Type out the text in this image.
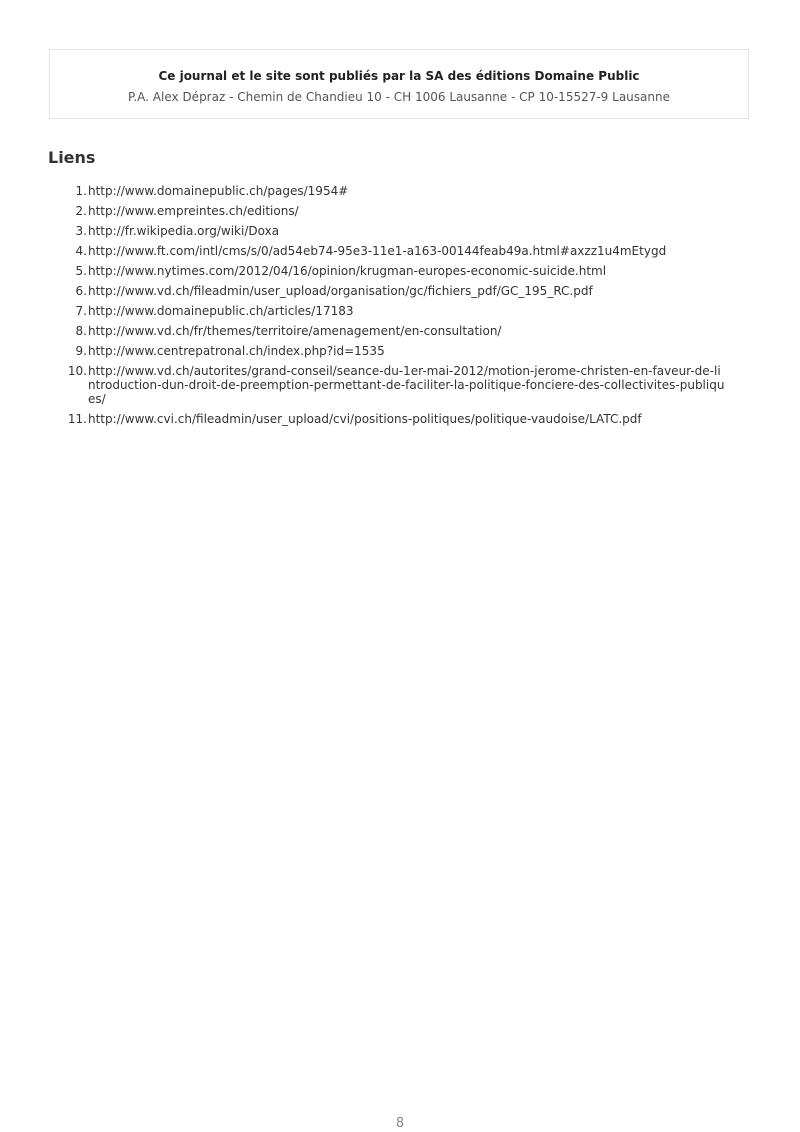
Ce journal et le site sont publiés par la SA des éditions Domaine Public
P.A. Alex Dépraz - Chemin de Chandieu 10 - CH 1006 Lausanne - CP 10-15527-9 Lausanne
Liens
1. http://www.domainepublic.ch/pages/1954#
2. http://www.empreintes.ch/editions/
3. http://fr.wikipedia.org/wiki/Doxa
4. http://www.ft.com/intl/cms/s/0/ad54eb74-95e3-11e1-a163-00144feab49a.html#axzz1u4mEtygd
5. http://www.nytimes.com/2012/04/16/opinion/krugman-europes-economic-suicide.html
6. http://www.vd.ch/fileadmin/user_upload/organisation/gc/fichiers_pdf/GC_195_RC.pdf
7. http://www.domainepublic.ch/articles/17183
8. http://www.vd.ch/fr/themes/territoire/amenagement/en-consultation/
9. http://www.centrepatronal.ch/index.php?id=1535
10. http://www.vd.ch/autorites/grand-conseil/seance-du-1er-mai-2012/motion-jerome-christen-en-faveur-de-lintroduction-dun-droit-de-preemption-permettant-de-faciliter-la-politique-fonciere-des-collectivites-publiques/
11. http://www.cvi.ch/fileadmin/user_upload/cvi/positions-politiques/politique-vaudoise/LATC.pdf
8
